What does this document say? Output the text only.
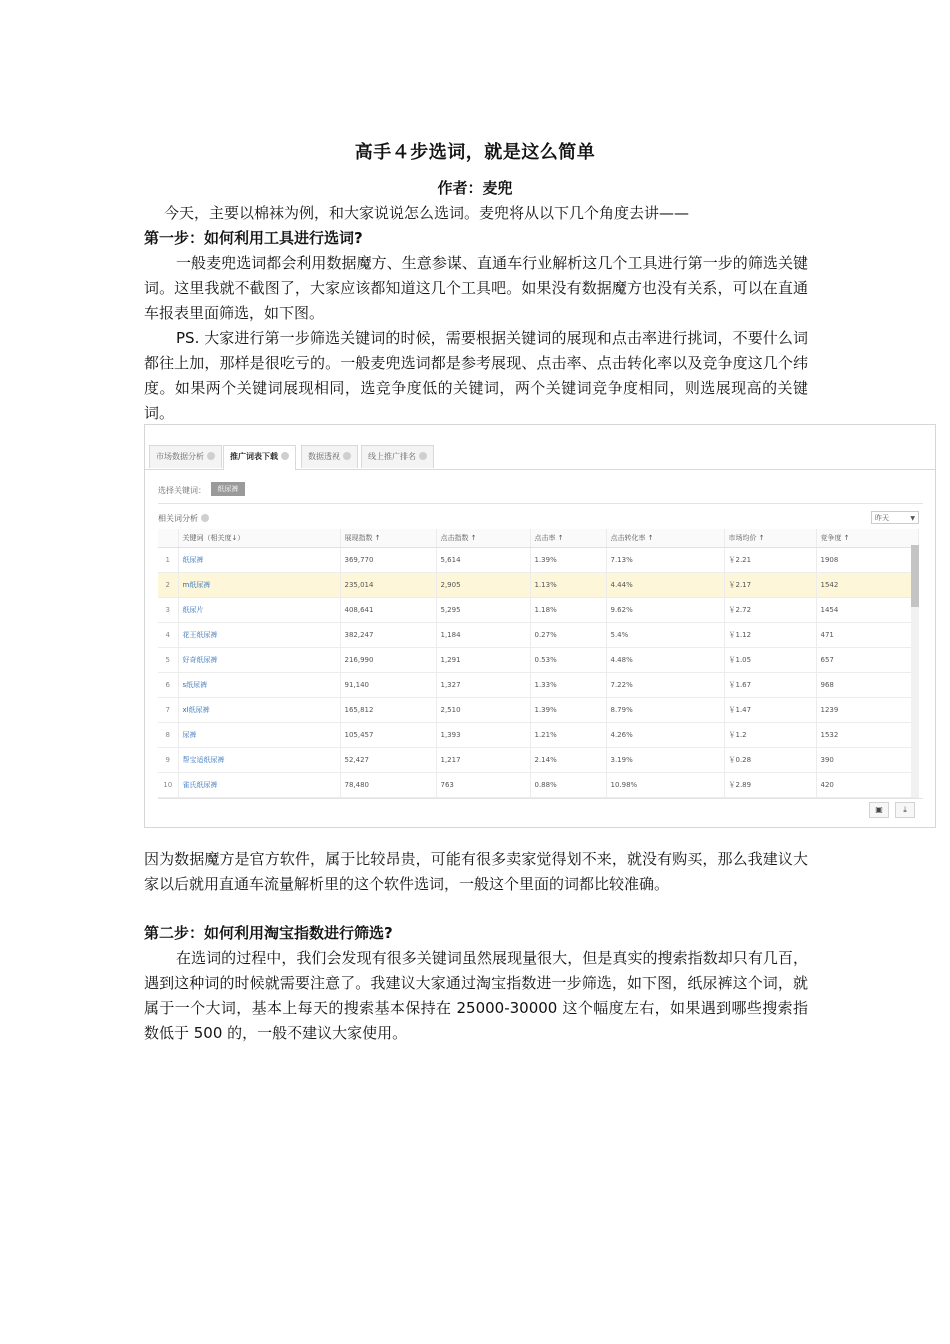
高手４步选词，就是这么简单
作者：麦兜

今天，主要以棉袜为例，和大家说说怎么选词。麦兜将从以下几个角度去讲——

第一步：如何利用工具进行选词?

一般麦兜选词都会利用数据魔方、生意参谋、直通车行业解析这几个工具进行第一步的筛选关键词。这里我就不截图了，大家应该都知道这几个工具吧。如果没有数据魔方也没有关系，可以在直通车报表里面筛选，如下图。

PS. 大家进行第一步筛选关键词的时候，需要根据关键词的展现和点击率进行挑词，不要什么词都往上加，那样是很吃亏的。一般麦兜选词都是参考展现、点击率、点击转化率以及竞争度这几个纬度。如果两个关键词展现相同，选竞争度低的关键词，两个关键词竞争度相同，则选展现高的关键词。

市场数据分析	推广词表下载	数据透视	线上推广排名
选择关键词：	纸尿裤
相关词分析	昨天	▼
	关键词（相关度↓）	展现指数 ↑	点击指数 ↑	点击率 ↑	点击转化率 ↑	市场均价 ↑	竞争度 ↑
1	纸尿裤	369,770	5,614	1.39%	7.13%	￥2.21	1908
2	m纸尿裤	235,014	2,905	1.13%	4.44%	￥2.17	1542
3	纸尿片	408,641	5,295	1.18%	9.62%	￥2.72	1454
4	花王纸尿裤	382,247	1,184	0.27%	5.4%	￥1.12	471
5	好奇纸尿裤	216,990	1,291	0.53%	4.48%	￥1.05	657
6	s纸尿裤	91,140	1,327	1.33%	7.22%	￥1.67	968
7	xl纸尿裤	165,812	2,510	1.39%	8.79%	￥1.47	1239
8	尿裤	105,457	1,393	1.21%	4.26%	￥1.2	1532
9	帮宝适纸尿裤	52,427	1,217	2.14%	3.19%	￥0.28	390
10	雀氏纸尿裤	78,480	763	0.88%	10.98%	￥2.89	420
▣	⤓

因为数据魔方是官方软件，属于比较昂贵，可能有很多卖家觉得划不来，就没有购买，那么我建议大家以后就用直通车流量解析里的这个软件选词，一般这个里面的词都比较准确。

第二步：如何利用淘宝指数进行筛选?

在选词的过程中，我们会发现有很多关键词虽然展现量很大，但是真实的搜索指数却只有几百，遇到这种词的时候就需要注意了。我建议大家通过淘宝指数进一步筛选，如下图，纸尿裤这个词，就属于一个大词，基本上每天的搜索基本保持在 25000-30000 这个幅度左右，如果遇到哪些搜索指数低于 500 的，一般不建议大家使用。
